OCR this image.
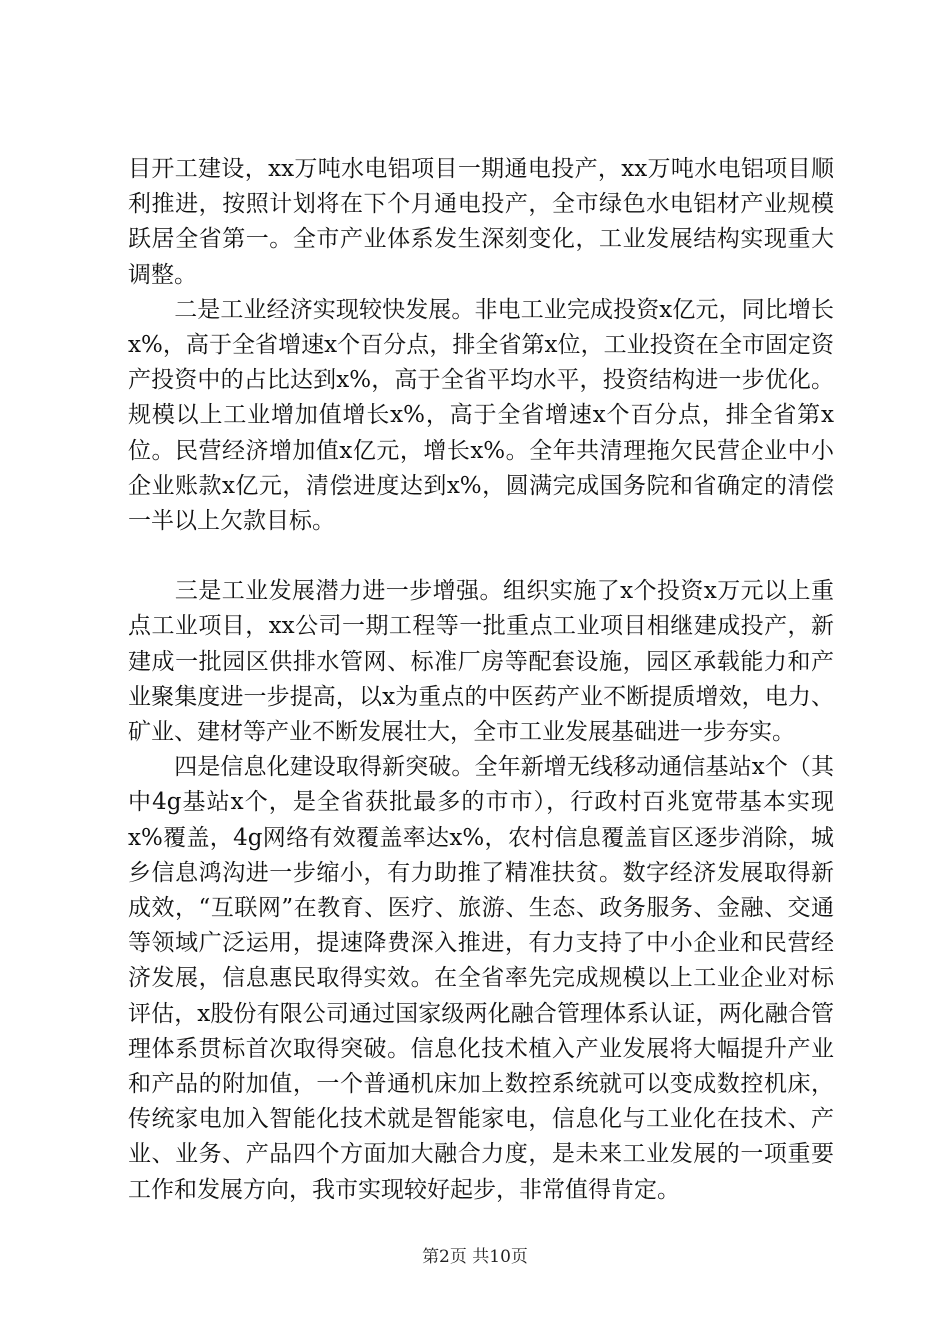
目开工建设，xx万吨水电铝项目一期通电投产，xx万吨水电铝项目顺利推进，按照计划将在下个月通电投产，全市绿色水电铝材产业规模跃居全省第一。全市产业体系发生深刻变化，工业发展结构实现重大调整。

　　二是工业经济实现较快发展。非电工业完成投资x亿元，同比增长x%，高于全省增速x个百分点，排全省第x位，工业投资在全市固定资产投资中的占比达到x%，高于全省平均水平，投资结构进一步优化。规模以上工业增加值增长x%，高于全省增速x个百分点，排全省第x位。民营经济增加值x亿元，增长x%。全年共清理拖欠民营企业中小企业账款x亿元，清偿进度达到x%，圆满完成国务院和省确定的清偿一半以上欠款目标。

　　三是工业发展潜力进一步增强。组织实施了x个投资x万元以上重点工业项目，xx公司一期工程等一批重点工业项目相继建成投产，新建成一批园区供排水管网、标准厂房等配套设施，园区承载能力和产业聚集度进一步提高，以x为重点的中医药产业不断提质增效，电力、矿业、建材等产业不断发展壮大，全市工业发展基础进一步夯实。

　　四是信息化建设取得新突破。全年新增无线移动通信基站x个（其中4g基站x个，是全省获批最多的市市），行政村百兆宽带基本实现x%覆盖，4g网络有效覆盖率达x%，农村信息覆盖盲区逐步消除，城乡信息鸿沟进一步缩小，有力助推了精准扶贫。数字经济发展取得新成效，“互联网”在教育、医疗、旅游、生态、政务服务、金融、交通等领域广泛运用，提速降费深入推进，有力支持了中小企业和民营经济发展，信息惠民取得实效。在全省率先完成规模以上工业企业对标评估，x股份有限公司通过国家级两化融合管理体系认证，两化融合管理体系贯标首次取得突破。信息化技术植入产业发展将大幅提升产业和产品的附加值，一个普通机床加上数控系统就可以变成数控机床，传统家电加入智能化技术就是智能家电，信息化与工业化在技术、产业、业务、产品四个方面加大融合力度，是未来工业发展的一项重要工作和发展方向，我市实现较好起步，非常值得肯定。

第2页 共10页
